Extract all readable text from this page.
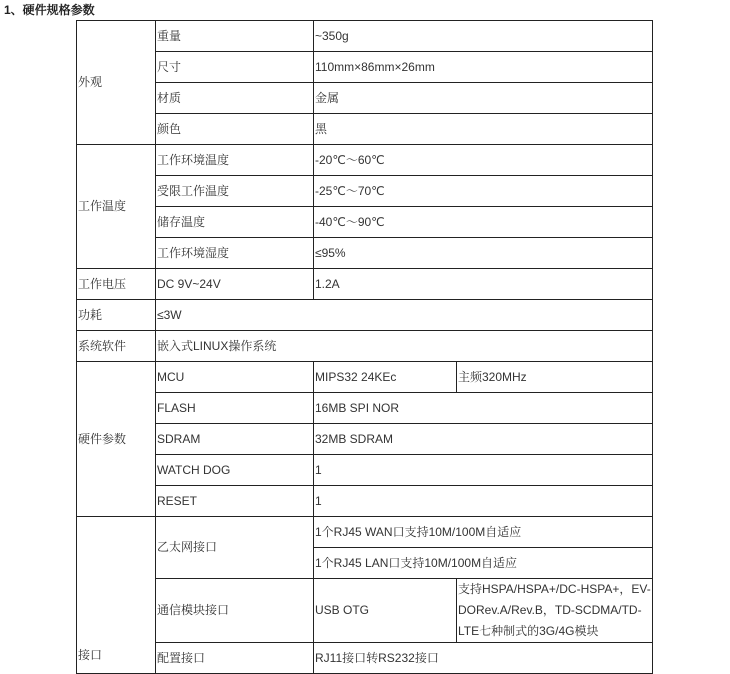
1、硬件规格参数
外观	重量	~350g	
	尺寸	110mm×86mm×26mm	
	材质	金属	
	颜色	黑	
工作温度	工作环境温度	-20℃～60℃	
	受限工作温度	-25℃～70℃	
	储存温度	-40℃～90℃	
	工作环境湿度	≤95%	
工作电压	DC 9V~24V	1.2A	
功耗	≤3W		
系统软件	嵌入式LINUX操作系统		
硬件参数	MCU	MIPS32 24KEc	主频320MHz
	FLASH	16MB SPI NOR	
	SDRAM	32MB SDRAM	
	WATCH DOG	1	
	RESET	1	
接口	乙太网接口	1个RJ45 WAN口支持10M/100M自适应	
		1个RJ45 LAN口支持10M/100M自适应	
	通信模块接口	USB OTG	支持HSPA/HSPA+/DC-HSPA+，EV-DORev.A/Rev.B，TD-SCDMA/TD-LTE七种制式的3G/4G模块

	配置接口	RJ11接口转RS232接口	
